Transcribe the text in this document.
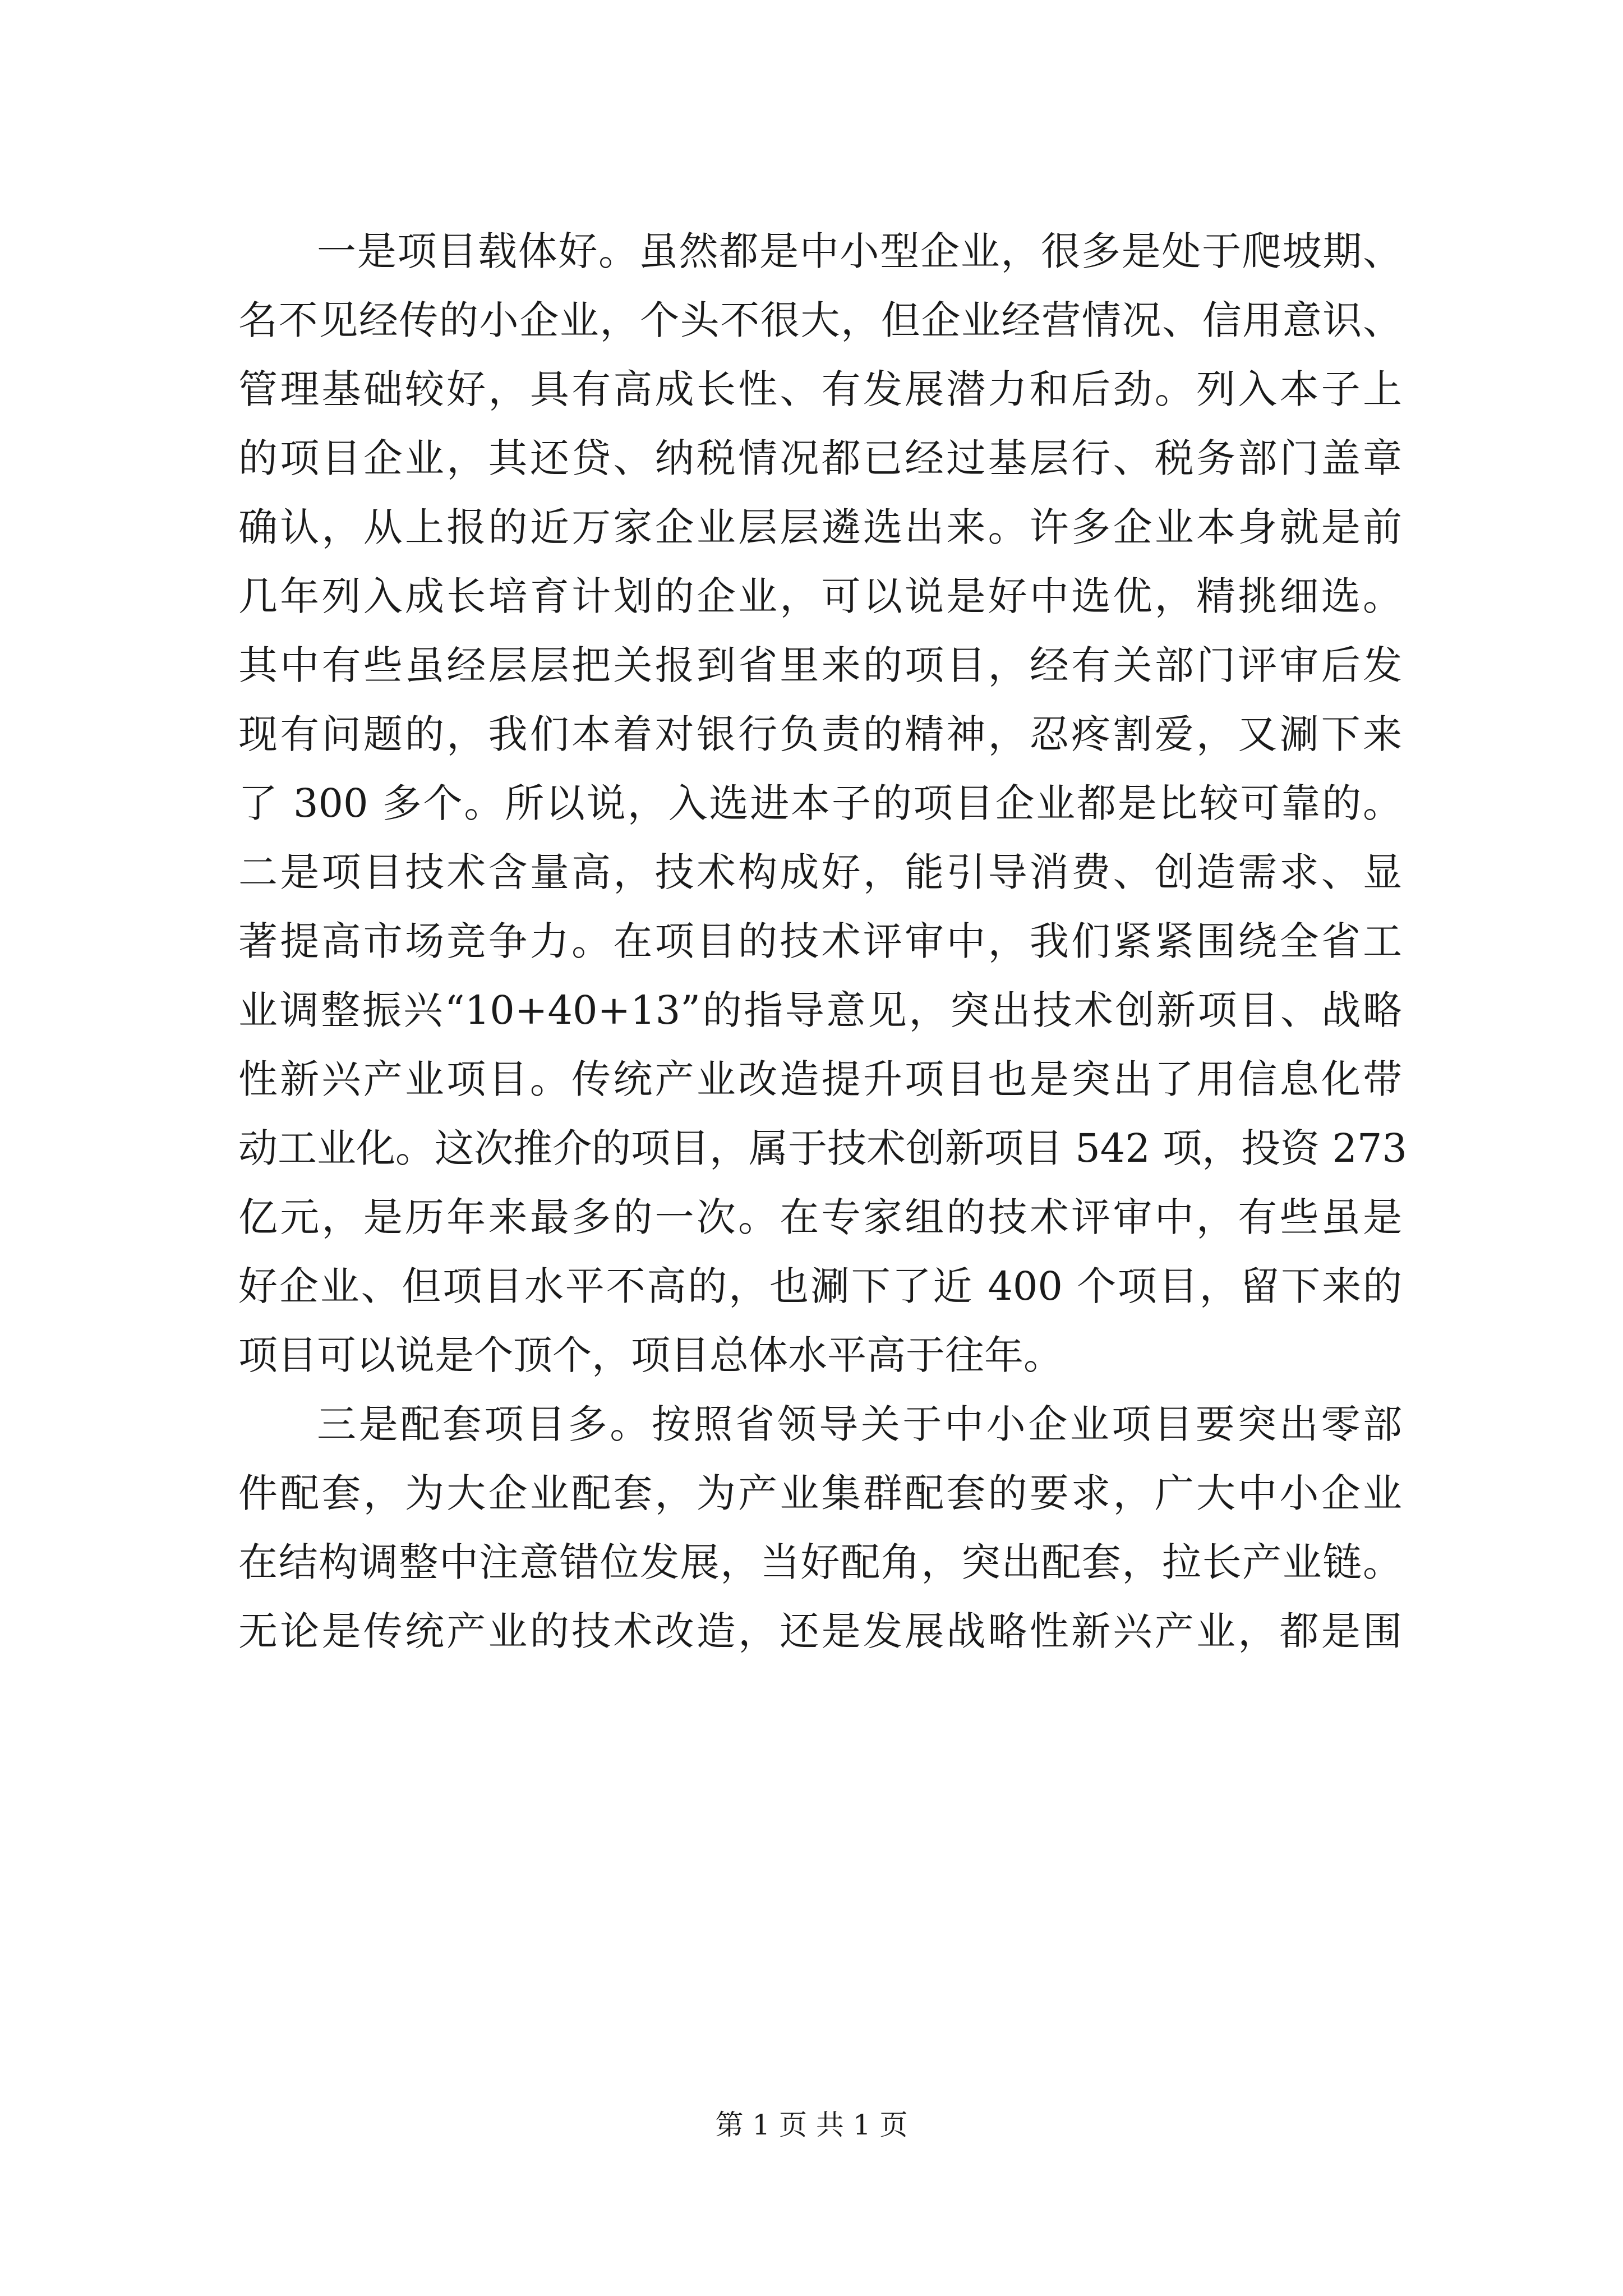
一是项目载体好。虽然都是中小型企业，很多是处于爬坡期、
名不见经传的小企业，个头不很大，但企业经营情况、信用意识、
管理基础较好，具有高成长性、有发展潜力和后劲。列入本子上
的项目企业，其还贷、纳税情况都已经过基层行、税务部门盖章
确认，从上报的近万家企业层层遴选出来。许多企业本身就是前
几年列入成长培育计划的企业，可以说是好中选优，精挑细选。
其中有些虽经层层把关报到省里来的项目，经有关部门评审后发
现有问题的，我们本着对银行负责的精神，忍疼割爱，又涮下来
了 300 多个。所以说，入选进本子的项目企业都是比较可靠的。
二是项目技术含量高，技术构成好，能引导消费、创造需求、显
著提高市场竞争力。在项目的技术评审中，我们紧紧围绕全省工
业调整振兴“10+40+13”的指导意见，突出技术创新项目、战略
性新兴产业项目。传统产业改造提升项目也是突出了用信息化带
动工业化。这次推介的项目，属于技术创新项目 542 项，投资 273
亿元，是历年来最多的一次。在专家组的技术评审中，有些虽是
好企业、但项目水平不高的，也涮下了近 400 个项目，留下来的
项目可以说是个顶个，项目总体水平高于往年。
三是配套项目多。按照省领导关于中小企业项目要突出零部
件配套，为大企业配套，为产业集群配套的要求，广大中小企业
在结构调整中注意错位发展，当好配角，突出配套，拉长产业链。
无论是传统产业的技术改造，还是发展战略性新兴产业，都是围
第 1 页 共 1 页
